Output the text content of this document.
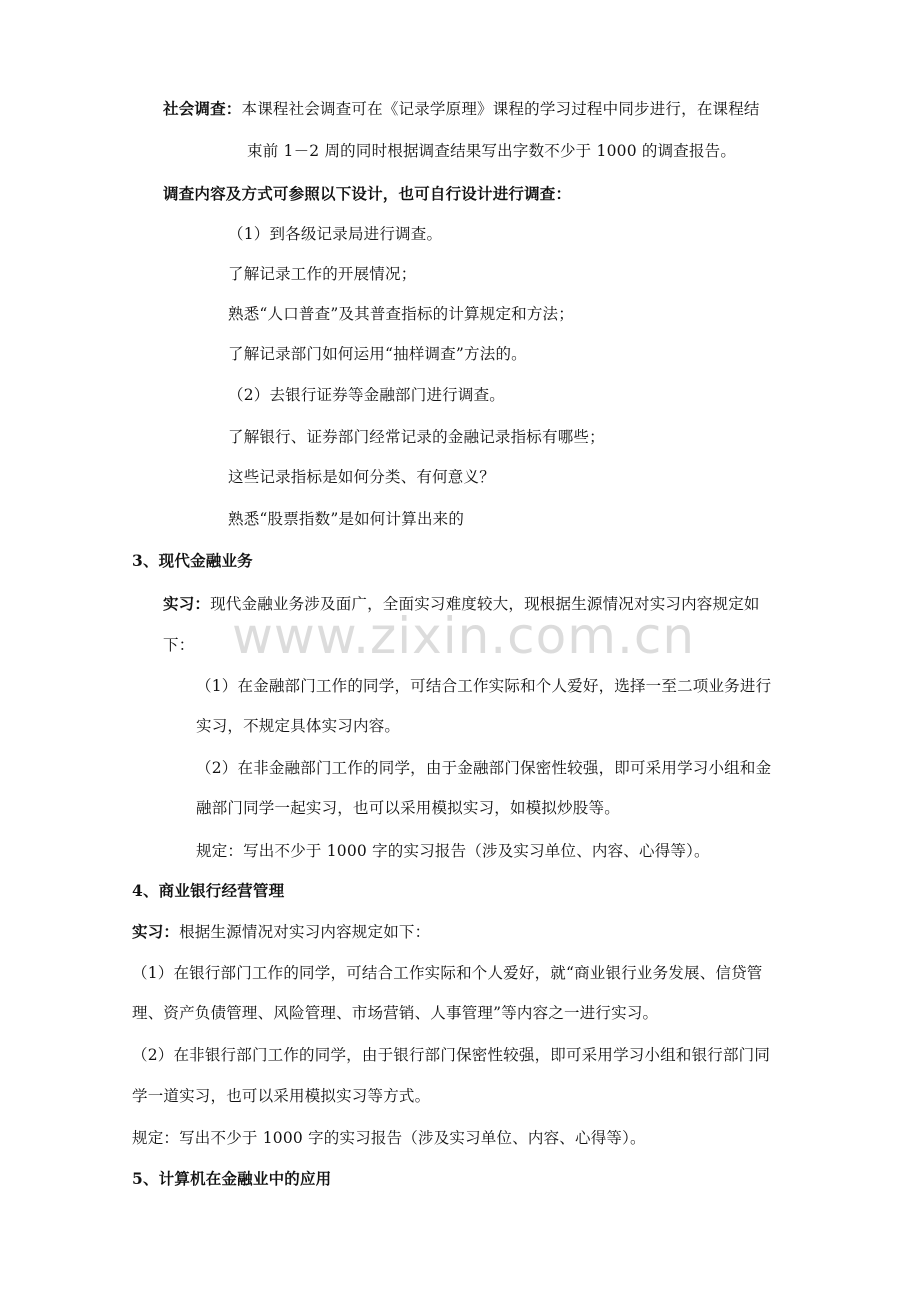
www.zixin.com.cn
社会调查：本课程社会调查可在《记录学原理》课程的学习过程中同步进行，在课程结
束前 1－2 周的同时根据调查结果写出字数不少于 1000 的调查报告。
调查内容及方式可参照以下设计，也可自行设计进行调查：
（1）到各级记录局进行调查。
了解记录工作的开展情况；
熟悉“人口普查”及其普查指标的计算规定和方法；
了解记录部门如何运用“抽样调查”方法的。
（2）去银行证券等金融部门进行调查。
了解银行、证券部门经常记录的金融记录指标有哪些；
这些记录指标是如何分类、有何意义？
熟悉“股票指数”是如何计算出来的
3、现代金融业务
实习：现代金融业务涉及面广，全面实习难度较大，现根据生源情况对实习内容规定如
下：
（1）在金融部门工作的同学，可结合工作实际和个人爱好，选择一至二项业务进行
实习，不规定具体实习内容。
（2）在非金融部门工作的同学，由于金融部门保密性较强，即可采用学习小组和金
融部门同学一起实习，也可以采用模拟实习，如模拟炒股等。
规定：写出不少于 1000 字的实习报告（涉及实习单位、内容、心得等）。
4、商业银行经营管理
实习：根据生源情况对实习内容规定如下：
（1）在银行部门工作的同学，可结合工作实际和个人爱好，就“商业银行业务发展、信贷管
理、资产负债管理、风险管理、市场营销、人事管理”等内容之一进行实习。
（2）在非银行部门工作的同学，由于银行部门保密性较强，即可采用学习小组和银行部门同
学一道实习，也可以采用模拟实习等方式。
规定：写出不少于 1000 字的实习报告（涉及实习单位、内容、心得等）。
5、计算机在金融业中的应用
